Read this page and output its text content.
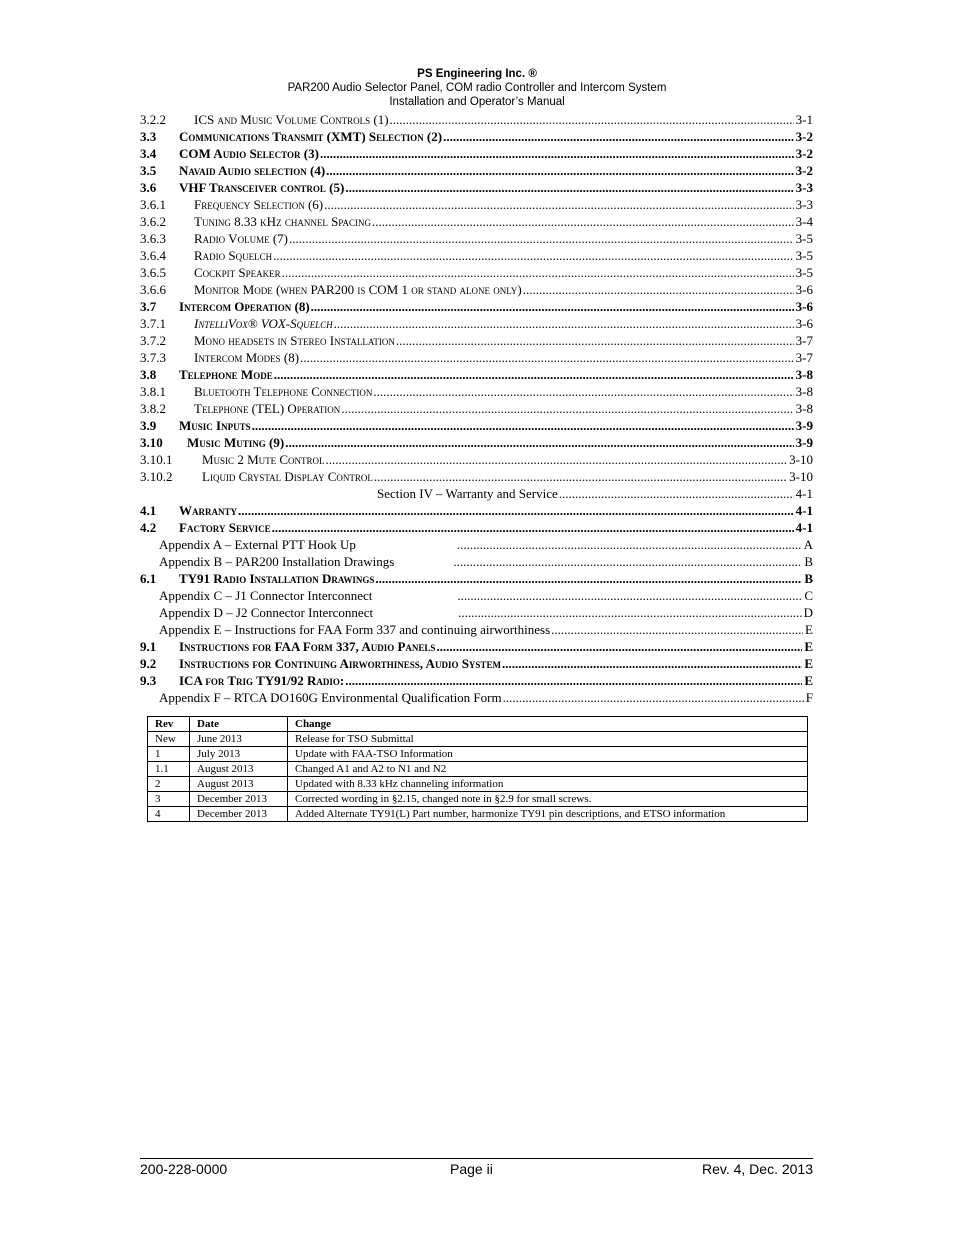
PS Engineering Inc. ®
PAR200 Audio Selector Panel, COM radio Controller and Intercom System
Installation and Operator’s Manual
3.2.2	ICS and Music Volume Controls (1) .....	3-1
3.3	Communications Transmit (XMT) Selection (2) .....	3-2
3.4	COM Audio Selector (3) .....	3-2
3.5	Navaid Audio selection (4) .....	3-2
3.6	VHF Transceiver control (5) .....	3-3
3.6.1	Frequency Selection (6) .....	3-3
3.6.2	Tuning 8.33 kHz channel Spacing .....	3-4
3.6.3	Radio Volume (7) .....	3-5
3.6.4	Radio Squelch .....	3-5
3.6.5	Cockpit Speaker .....	3-5
3.6.6	Monitor Mode (when PAR200 is COM 1 or stand alone only) .....	3-6
3.7	Intercom Operation (8) .....	3-6
3.7.1	IntelliVox® VOX-Squelch .....	3-6
3.7.2	Mono headsets in Stereo Installation .....	3-7
3.7.3	Intercom Modes (8) .....	3-7
3.8	Telephone Mode .....	3-8
3.8.1	Bluetooth Telephone Connection .....	3-8
3.8.2	Telephone (TEL) Operation .....	3-8
3.9	Music Inputs .....	3-9
3.10	Music Muting (9) .....	3-9
3.10.1	Music 2 Mute Control .....	3-10
3.10.2	Liquid Crystal Display Control .....	3-10
Section IV – Warranty and Service .....	4-1
4.1	Warranty .....	4-1
4.2	Factory Service .....	4-1
Appendix A – External PTT Hook Up .....	A
Appendix B – PAR200 Installation Drawings .....	B
6.1	TY91 Radio Installation Drawings .....	B
Appendix C – J1 Connector Interconnect .....	C
Appendix D – J2 Connector Interconnect .....	D
Appendix E – Instructions for FAA Form 337 and continuing airworthiness .....	E
9.1	Instructions for FAA Form 337, Audio Panels .....	E
9.2	Instructions for Continuing Airworthiness, Audio System .....	E
9.3	ICA for Trig TY91/92 Radio: .....	E
Appendix F – RTCA DO160G Environmental Qualification Form .....	F
Rev	Date	Change
New	June 2013	Release for TSO Submittal
1	July 2013	Update with FAA-TSO Information
1.1	August 2013	Changed A1 and A2 to N1 and N2
2	August 2013	Updated with 8.33 kHz channeling information
3	December 2013	Corrected wording in §2.15, changed note in §2.9 for small screws.
4	December 2013	Added Alternate TY91(L) Part number, harmonize TY91 pin descriptions, and ETSO information
200-228-0000	Page ii	Rev. 4, Dec. 2013
